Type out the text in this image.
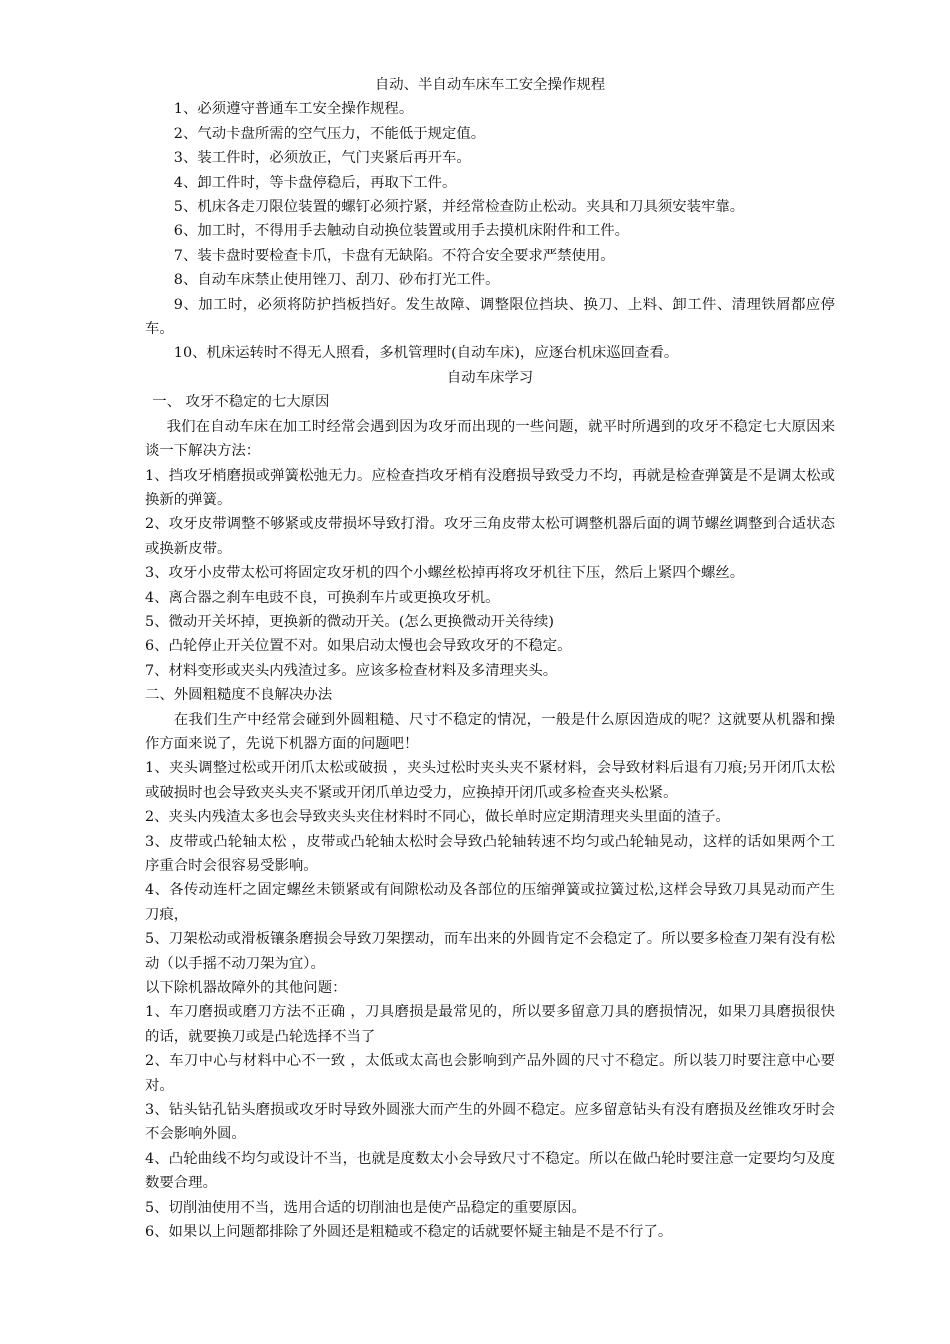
自动、半自动车床车工安全操作规程

1、必须遵守普通车工安全操作规程。

2、气动卡盘所需的空气压力，不能低于规定值。

3、装工件时，必须放正，气门夹紧后再开车。

4、卸工件时，等卡盘停稳后，再取下工件。

5、机床各走刀限位装置的螺钉必须拧紧，并经常检查防止松动。夹具和刀具须安装牢靠。

6、加工时，不得用手去触动自动换位装置或用手去摸机床附件和工件。

7、装卡盘时要检查卡爪，卡盘有无缺陷。不符合安全要求严禁使用。

8、自动车床禁止使用锉刀、刮刀、砂布打光工件。

9、加工时，必须将防护挡板挡好。发生故障、调整限位挡块、换刀、上料、卸工件、清理铁屑都应停车。

10、机床运转时不得无人照看，多机管理时(自动车床)，应逐台机床巡回查看。

自动车床学习

一、 攻牙不稳定的七大原因

我们在自动车床在加工时经常会遇到因为攻牙而出现的一些问题，就平时所遇到的攻牙不稳定七大原因来谈一下解决方法：

1、挡攻牙梢磨损或弹簧松弛无力。应检查挡攻牙梢有没磨损导致受力不均，再就是检查弹簧是不是调太松或换新的弹簧。

2、攻牙皮带调整不够紧或皮带损坏导致打滑。攻牙三角皮带太松可调整机器后面的调节螺丝调整到合适状态或换新皮带。

3、攻牙小皮带太松可将固定攻牙机的四个小螺丝松掉再将攻牙机往下压，然后上紧四个螺丝。

4、离合器之刹车电豉不良，可换刹车片或更换攻牙机。

5、微动开关坏掉，更换新的微动开关。(怎么更换微动开关待续)

6、凸轮停止开关位置不对。如果启动太慢也会导致攻牙的不稳定。

7、材料变形或夹头内残渣过多。应该多检查材料及多清理夹头。

二、外圆粗糙度不良解决办法

在我们生产中经常会碰到外圆粗糙、尺寸不稳定的情况，一般是什么原因造成的呢？这就要从机器和操作方面来说了，先说下机器方面的问题吧！

1、夹头调整过松或开闭爪太松或破损 ，夹头过松时夹头夹不紧材料，会导致材料后退有刀痕;另开闭爪太松或破损时也会导致夹头夹不紧或开闭爪单边受力，应换掉开闭爪或多检查夹头松紧。

2、夹头内残渣太多也会导致夹头夹住材料时不同心，做长单时应定期清理夹头里面的渣子。

3、皮带或凸轮轴太松 ，皮带或凸轮轴太松时会导致凸轮轴转速不均匀或凸轮轴晃动，这样的话如果两个工序重合时会很容易受影响。

4、各传动连杆之固定螺丝未锁紧或有间隙松动及各部位的压缩弹簧或拉簧过松,这样会导致刀具晃动而产生刀痕，

5、刀架松动或滑板镶条磨损会导致刀架摆动，而车出来的外圆肯定不会稳定了。所以要多检查刀架有没有松动（以手摇不动刀架为宜）。

以下除机器故障外的其他问题：

1、车刀磨损或磨刀方法不正确 ，刀具磨损是最常见的，所以要多留意刀具的磨损情况，如果刀具磨损很快的话，就要换刀或是凸轮选择不当了

2、车刀中心与材料中心不一致 ，太低或太高也会影响到产品外圆的尺寸不稳定。所以装刀时要注意中心要对。

3、钻头钻孔钻头磨损或攻牙时导致外圆涨大而产生的外圆不稳定。应多留意钻头有没有磨损及丝锥攻牙时会不会影响外圆。

4、凸轮曲线不均匀或设计不当，也就是度数太小会导致尺寸不稳定。所以在做凸轮时要注意一定要均匀及度数要合理。

5、切削油使用不当，选用合适的切削油也是使产品稳定的重要原因。

6、如果以上问题都排除了外圆还是粗糙或不稳定的话就要怀疑主轴是不是不行了。
